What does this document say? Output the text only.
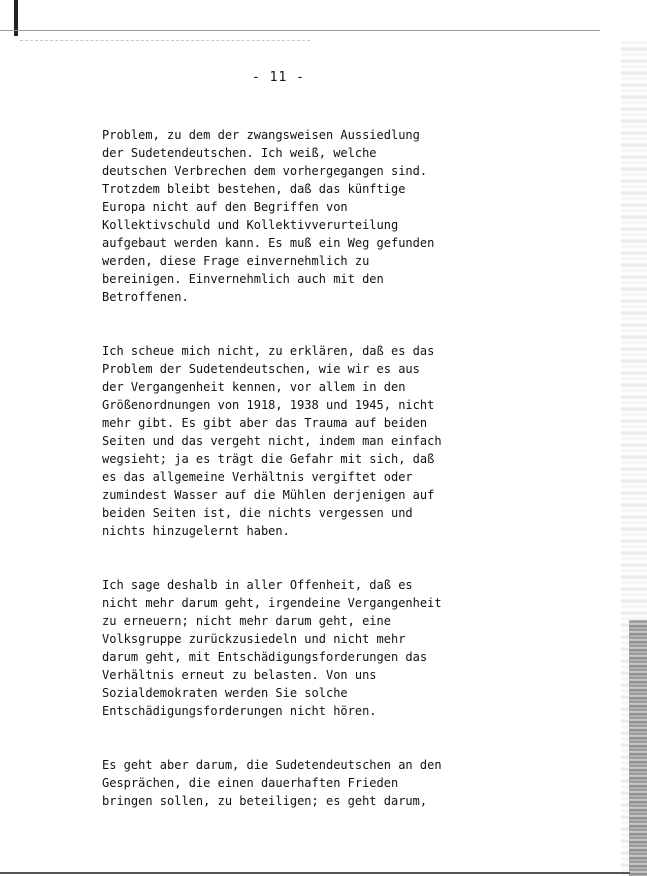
- 11 -
Problem, zu dem der zwangsweisen Aussiedlung
der Sudetendeutschen. Ich weiß, welche
deutschen Verbrechen dem vorhergegangen sind.
Trotzdem bleibt bestehen, daß das künftige
Europa nicht auf den Begriffen von
Kollektivschuld und Kollektivverurteilung
aufgebaut werden kann. Es muß ein Weg gefunden
werden, diese Frage einvernehmlich zu
bereinigen. Einvernehmlich auch mit den
Betroffenen.
Ich scheue mich nicht, zu erklären, daß es das
Problem der Sudetendeutschen, wie wir es aus
der Vergangenheit kennen, vor allem in den
Größenordnungen von 1918, 1938 und 1945, nicht
mehr gibt. Es gibt aber das Trauma auf beiden
Seiten und das vergeht nicht, indem man einfach
wegsieht; ja es trägt die Gefahr mit sich, daß
es das allgemeine Verhältnis vergiftet oder
zumindest Wasser auf die Mühlen derjenigen auf
beiden Seiten ist, die nichts vergessen und
nichts hinzugelernt haben.
Ich sage deshalb in aller Offenheit, daß es
nicht mehr darum geht, irgendeine Vergangenheit
zu erneuern; nicht mehr darum geht, eine
Volksgruppe zurückzusiedeln und nicht mehr
darum geht, mit Entschädigungsforderungen das
Verhältnis erneut zu belasten. Von uns
Sozialdemokraten werden Sie solche
Entschädigungsforderungen nicht hören.
Es geht aber darum, die Sudetendeutschen an den
Gesprächen, die einen dauerhaften Frieden
bringen sollen, zu beteiligen; es geht darum,
